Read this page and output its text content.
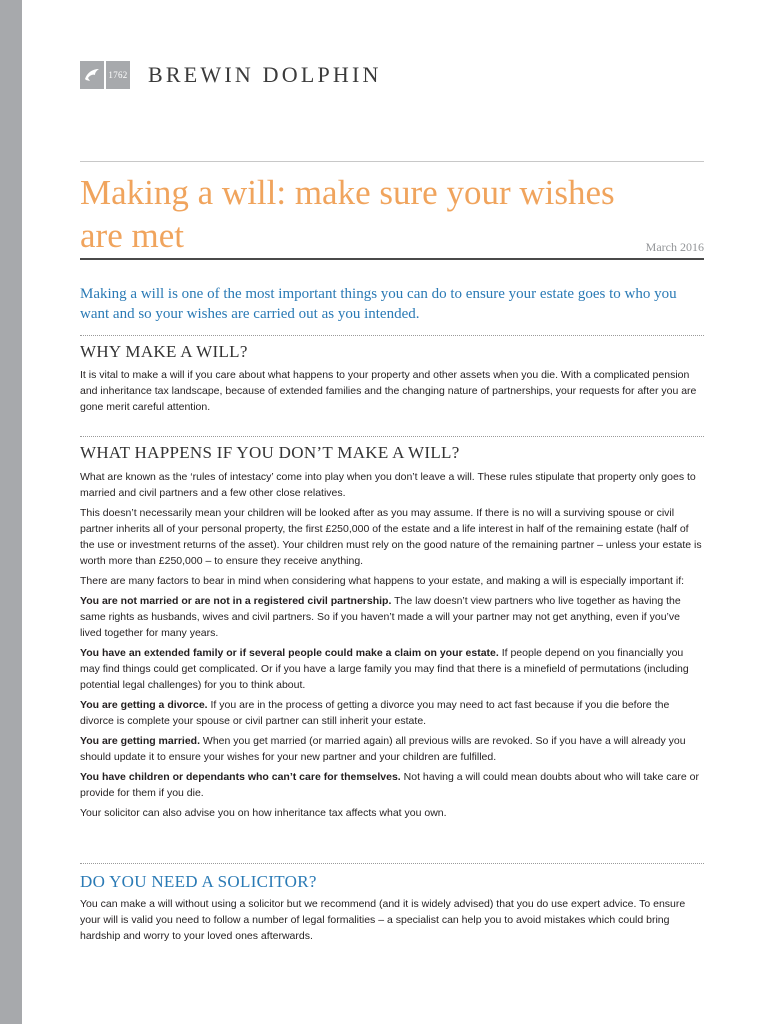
1762 BREWIN DOLPHIN
Making a will: make sure your wishes are met	March 2016
Making a will is one of the most important things you can do to ensure your estate goes to who you want and so your wishes are carried out as you intended.
WHY MAKE A WILL?

It is vital to make a will if you care about what happens to your property and other assets when you die. With a complicated pension and inheritance tax landscape, because of extended families and the changing nature of partnerships, your requests for after you are gone merit careful attention.

WHAT HAPPENS IF YOU DON’T MAKE A WILL?

What are known as the ‘rules of intestacy’ come into play when you don’t leave a will. These rules stipulate that property only goes to married and civil partners and a few other close relatives.

This doesn’t necessarily mean your children will be looked after as you may assume. If there is no will a surviving spouse or civil partner inherits all of your personal property, the first £250,000 of the estate and a life interest in half of the remaining estate (half of the use or investment returns of the asset). Your children must rely on the good nature of the remaining partner – unless your estate is worth more than £250,000 – to ensure they receive anything.

There are many factors to bear in mind when considering what happens to your estate, and making a will is especially important if:

You are not married or are not in a registered civil partnership. The law doesn’t view partners who live together as having the same rights as husbands, wives and civil partners. So if you haven’t made a will your partner may not get anything, even if you’ve lived together for many years.

You have an extended family or if several people could make a claim on your estate. If people depend on you financially you may find things could get complicated. Or if you have a large family you may find that there is a minefield of permutations (including potential legal challenges) for you to think about.

You are getting a divorce. If you are in the process of getting a divorce you may need to act fast because if you die before the divorce is complete your spouse or civil partner can still inherit your estate.

You are getting married. When you get married (or married again) all previous wills are revoked. So if you have a will already you should update it to ensure your wishes for your new partner and your children are fulfilled.

You have children or dependants who can’t care for themselves. Not having a will could mean doubts about who will take care or provide for them if you die.

Your solicitor can also advise you on how inheritance tax affects what you own.

DO YOU NEED A SOLICITOR?

You can make a will without using a solicitor but we recommend (and it is widely advised) that you do use expert advice. To ensure your will is valid you need to follow a number of legal formalities – a specialist can help you to avoid mistakes which could bring hardship and worry to your loved ones afterwards.
